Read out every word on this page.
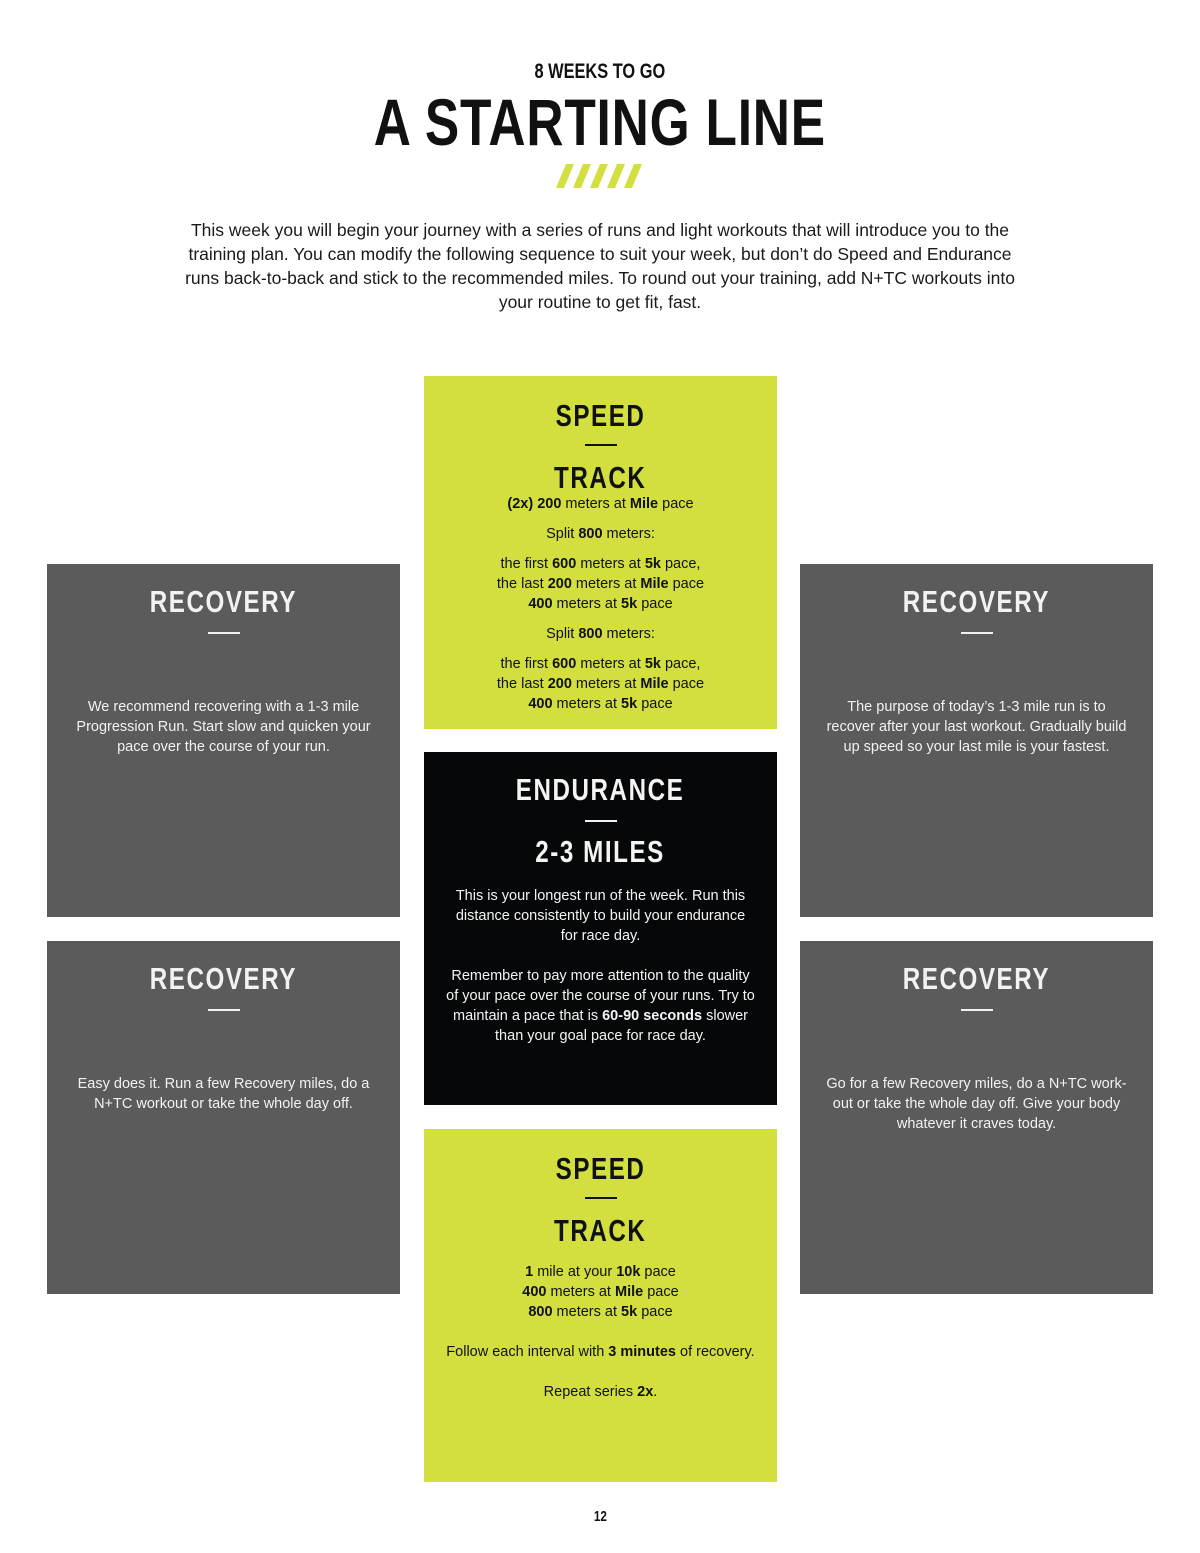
8 WEEKS TO GO
A STARTING LINE
This week you will begin your journey with a series of runs and light workouts that will introduce you to the
training plan. You can modify the following sequence to suit your week, but don’t do Speed and Endurance
runs back-to-back and stick to the recommended miles. To round out your training, add N+TC workouts into
your routine to get fit, fast.
SPEED
TRACK
(2x) 200 meters at Mile pace
Split 800 meters:
the first 600 meters at 5k pace,
the last 200 meters at Mile pace
400 meters at 5k pace
Split 800 meters:
the first 600 meters at 5k pace,
the last 200 meters at Mile pace
400 meters at 5k pace
ENDURANCE
2-3 MILES
This is your longest run of the week. Run this
distance consistently to build your endurance
for race day.
Remember to pay more attention to the quality
of your pace over the course of your runs. Try to
maintain a pace that is 60-90 seconds slower
than your goal pace for race day.
SPEED
TRACK
1 mile at your 10k pace
400 meters at Mile pace
800 meters at 5k pace
Follow each interval with 3 minutes of recovery.
Repeat series 2x.
RECOVERY
We recommend recovering with a 1-3 mile
Progression Run. Start slow and quicken your
pace over the course of your run.
RECOVERY
The purpose of today’s 1-3 mile run is to
recover after your last workout. Gradually build
up speed so your last mile is your fastest.
RECOVERY
Easy does it. Run a few Recovery miles, do a
N+TC workout or take the whole day off.
RECOVERY
Go for a few Recovery miles, do a N+TC work-
out or take the whole day off. Give your body
whatever it craves today.
12
